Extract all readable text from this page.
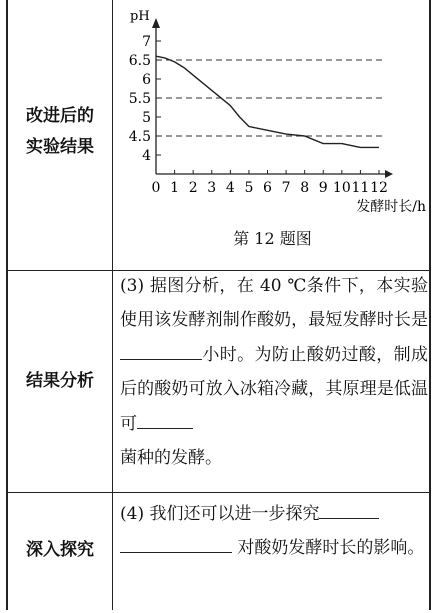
改进后的
实验结果
pH
发酵时长/h
4
4.5
5
5.5
6
6.5
7
0 1 2 3 4 5 6 7 8 9 10 11 12
第 12 题图
结果分析
(3) 据图分析，在 40 ℃条件下，本实验使用该发酵剂制作酸奶，最短发酵时长是小时。为防止酸奶过酸，制成后的酸奶可放入冰箱冷藏，其原理是低温可
菌种的发酵。
深入探究
(4) 我们还可以进一步探究
对酸奶发酵时长的影响。
